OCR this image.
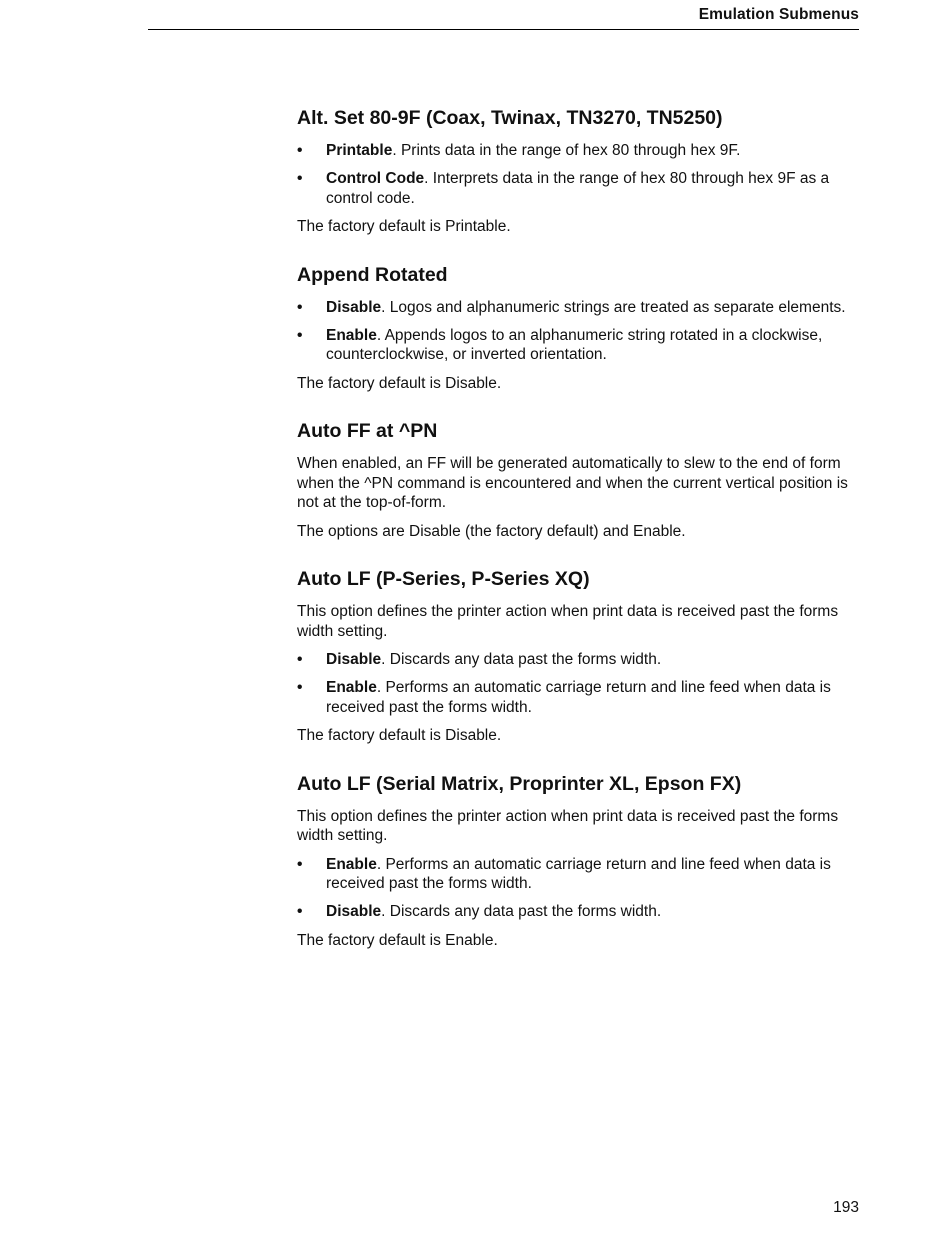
Emulation Submenus
Alt. Set 80-9F (Coax, Twinax, TN3270, TN5250)
• Printable. Prints data in the range of hex 80 through hex 9F.
• Control Code. Interprets data in the range of hex 80 through hex 9F as a control code.

The factory default is Printable.

Append Rotated
• Disable. Logos and alphanumeric strings are treated as separate elements.
• Enable. Appends logos to an alphanumeric string rotated in a clockwise, counterclockwise, or inverted orientation.

The factory default is Disable.

Auto FF at ^PN

When enabled, an FF will be generated automatically to slew to the end of form when the ^PN command is encountered and when the current vertical position is not at the top-of-form.

The options are Disable (the factory default) and Enable.

Auto LF (P-Series, P-Series XQ)

This option defines the printer action when print data is received past the forms width setting.

• Disable. Discards any data past the forms width.
• Enable. Performs an automatic carriage return and line feed when data is received past the forms width.

The factory default is Disable.

Auto LF (Serial Matrix, Proprinter XL, Epson FX)

This option defines the printer action when print data is received past the forms width setting.

• Enable. Performs an automatic carriage return and line feed when data is received past the forms width.
• Disable. Discards any data past the forms width.

The factory default is Enable.

193
